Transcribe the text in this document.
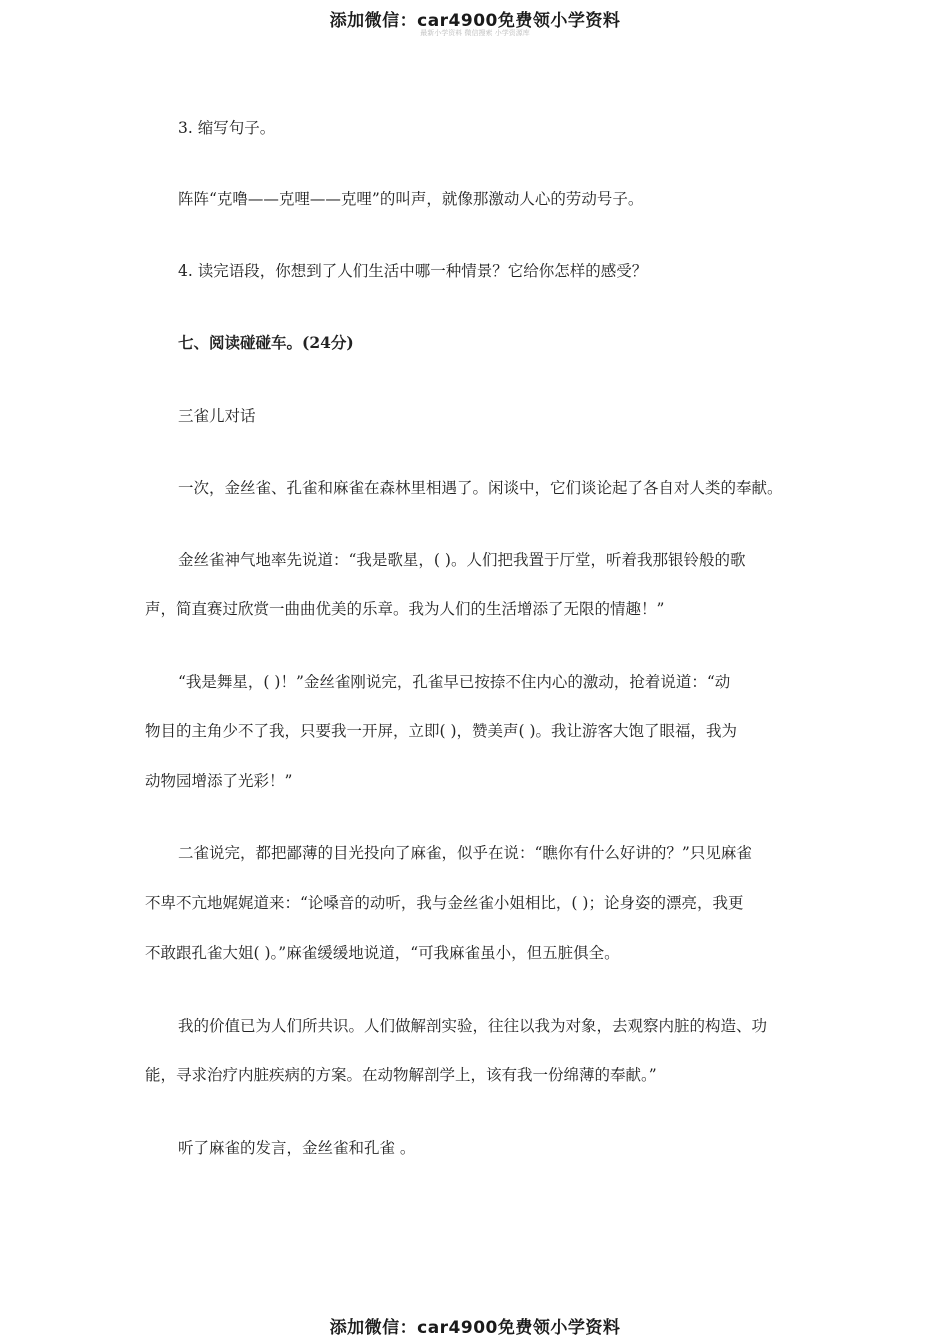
添加微信：car4900免费领小学资料
最新小学资料 微信搜索 小学资源库
3. 缩写句子。
阵阵“克噜——克哩——克哩”的叫声，就像那激动人心的劳动号子。
4. 读完语段，你想到了人们生活中哪一种情景？它给你怎样的感受？
七、阅读碰碰车。(24分)
三雀儿对话
一次，金丝雀、孔雀和麻雀在森林里相遇了。闲谈中，它们谈论起了各自对人类的奉献。
金丝雀神气地率先说道：“我是歌星，( )。人们把我置于厅堂，听着我那银铃般的歌
声，简直赛过欣赏一曲曲优美的乐章。我为人们的生活增添了无限的情趣！”
“我是舞星，( )！”金丝雀刚说完，孔雀早已按捺不住内心的激动，抢着说道：“动
物目的主角少不了我，只要我一开屏，立即( )，赞美声( )。我让游客大饱了眼福，我为
动物园增添了光彩！”
二雀说完，都把鄙薄的目光投向了麻雀，似乎在说：“瞧你有什么好讲的？”只见麻雀
不卑不亢地娓娓道来：“论嗓音的动听，我与金丝雀小姐相比，( )；论身姿的漂亮，我更
不敢跟孔雀大姐( )。”麻雀缓缓地说道，“可我麻雀虽小，但五脏俱全。
我的价值已为人们所共识。人们做解剖实验，往往以我为对象，去观察内脏的构造、功
能，寻求治疗内脏疾病的方案。在动物解剖学上，该有我一份绵薄的奉献。”
听了麻雀的发言，金丝雀和孔雀 。
添加微信：car4900免费领小学资料
